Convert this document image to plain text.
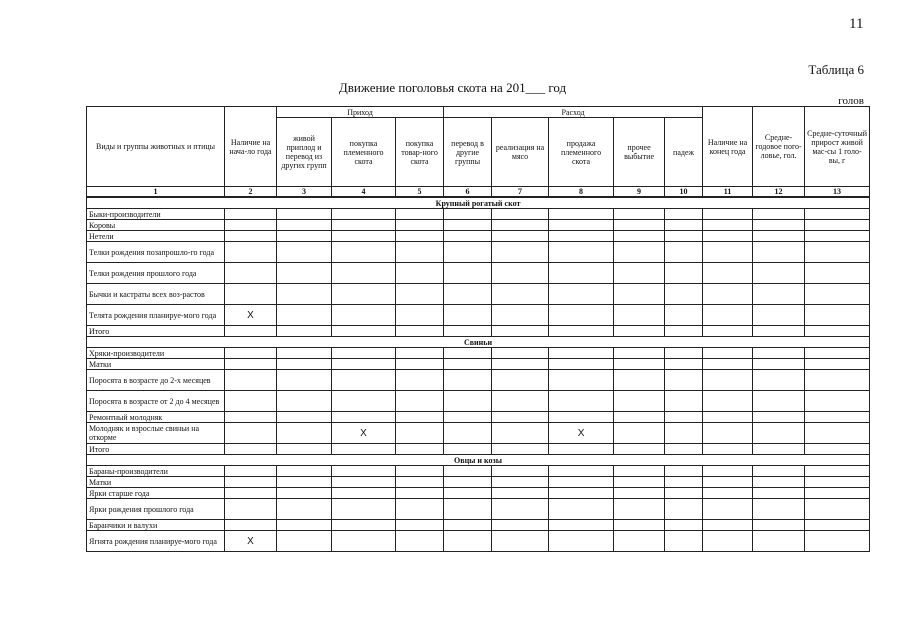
11
Таблица 6
Движение поголовья скота на 201___ год
голов
Виды и группы животных и птицы	Наличие на нача-ло года	Приход			Расход					Наличие на конец года	Средне-годовое пого-ловье, гол.	Средне-суточный прирост живой мас-сы 1 голо-вы, г
		живой приплод и перевод из других групп	покупка племенного скота	покупка товар-ного скота	перевод в другие группы	реализация на мясо	продажа племенного скота	прочее выбытие	падеж			
1	2	3	4	5	6	7	8	9	10	11	12	13
Крупный рогатый скот												
Быки-производители												
Коровы												
Нетели												
Телки рождения позапрошло-го года												
Телки рождения прошлого года												
Бычки и кастраты всех воз-растов												
Телята рождения планируе-мого года	Х											
Итого												
Свиньи												
Хряки-производители												
Матки												
Поросята в возрасте до 2-х месяцев												
Поросята в возрасте от 2 до 4 месяцев												
Ремонтный молодняк												
Молодняк и взрослые свиньи на откорме			Х				Х					
Итого												
Овцы и козы												
Бараны-производители												
Матки												
Ярки старше года												
Ярки рождения прошлого года												
Баранчики и валухи												
Ягнята рождения планируе-мого года	Х											
